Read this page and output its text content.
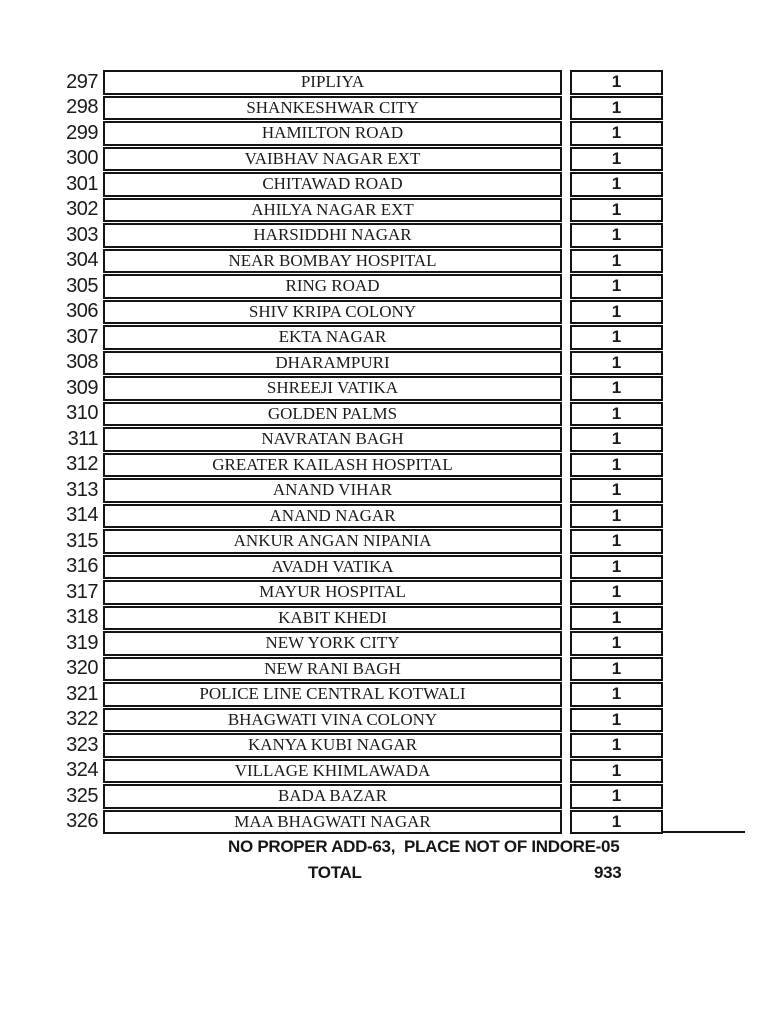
297	PIPLIYA	1
298	SHANKESHWAR CITY	1
299	HAMILTON ROAD	1
300	VAIBHAV NAGAR EXT	1
301	CHITAWAD ROAD	1
302	AHILYA NAGAR EXT	1
303	HARSIDDHI NAGAR	1
304	NEAR BOMBAY HOSPITAL	1
305	RING ROAD	1
306	SHIV KRIPA COLONY	1
307	EKTA NAGAR	1
308	DHARAMPURI	1
309	SHREEJI VATIKA	1
310	GOLDEN PALMS	1
311	NAVRATAN BAGH	1
312	GREATER KAILASH HOSPITAL	1
313	ANAND VIHAR	1
314	ANAND NAGAR	1
315	ANKUR ANGAN NIPANIA	1
316	AVADH VATIKA	1
317	MAYUR HOSPITAL	1
318	KABIT KHEDI	1
319	NEW YORK CITY	1
320	NEW RANI BAGH	1
321	POLICE LINE CENTRAL KOTWALI	1
322	BHAGWATI VINA COLONY	1
323	KANYA KUBI NAGAR	1
324	VILLAGE KHIMLAWADA	1
325	BADA BAZAR	1
326	MAA BHAGWATI NAGAR	1
NO PROPER ADD-63,  PLACE NOT OF INDORE-05
TOTAL	933
